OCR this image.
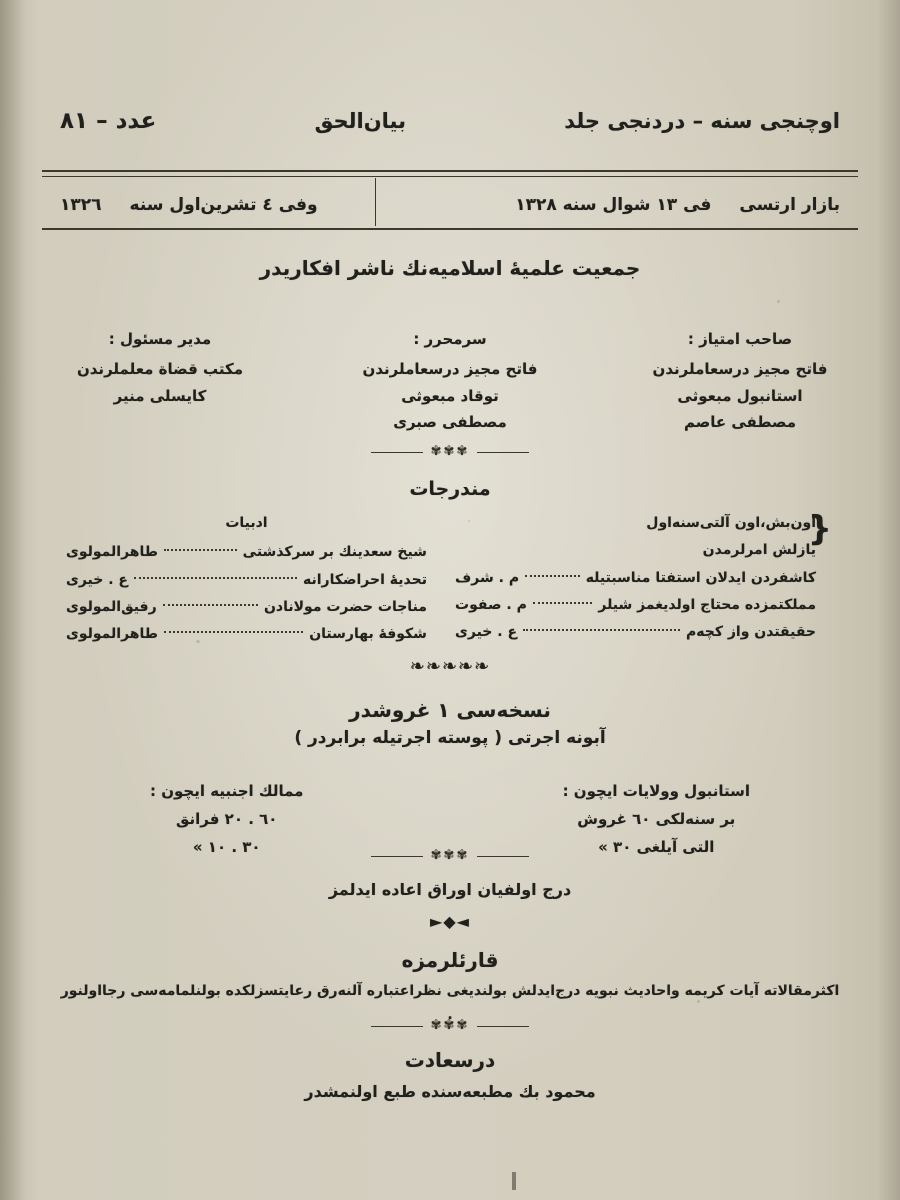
اوچنجی سنه – دردنجی جلد
بیان‌الحق
عدد – ٨١
بازار ارتسی
فی ١٣ شوال سنه ١٣٢٨
وفی ٤ تشرین‌اول سنه
١٣٢٦
جمعیت علمیهٔ اسلامیه‌نك ناشر افكاریدر
صاحب امتیاز :
فاتح مجیز درسعاملرندن
استانبول مبعوثی
مصطفی عاصم
سرمحرر :
فاتح مجیز درسعاملرندن
توقاد مبعوثی
مصطفی صبری
مدیر مسئول :
مكتب قضاة معلملرندن
كایسلی منیر
✾✾✾
مندرجات
{
اون‌بش،اون آلتی‌سنه‌اول
یازلش امرلرمدن
كاشفردن ایدلان استفتا مناسبتیله
م . شرف
مملكتمزده محتاج اولدیغمز شیلر
م . صفوت
حقیقتدن واز كچه‌م
ع . خیری
ادبیات
شیخ سعدینك بر سركذشتی
طاهرالمولوی
تحدیهٔ احراضكارانه
ع . خیری
مناجات حضرت مولانادن
رفیق‌المولوی
شكوفهٔ بهارستان
طاهرالمولوی
❧❧❧❧❧
نسخه‌سی ١ غروشدر
آبونه اجرتی ( پوسته اجرتیله برابردر )
استانبول وولایات ایچون :
بر سنه‌لكی ٦٠ غروش
التی آیلغی ٣٠ »
ممالك اجنبیه ایچون :
٦٠ . ٢٠ فرانق
٣٠ . ١٠ »	✾✾✾
درج اولفیان اوراق اعاده ایدلمز
◄◆►
قارئلرمزه
اكثرمقالاته آیات كریمه واحادیث نبویه درج‌ایدلش بولندیغی نظراعتباره آلنه‌رق رعایتسزلكده بولنلمامه‌سی رجااولنور .
✾✾✾
درسعادت
محمود بك مطبعه‌سنده طبع اولنمشدر
